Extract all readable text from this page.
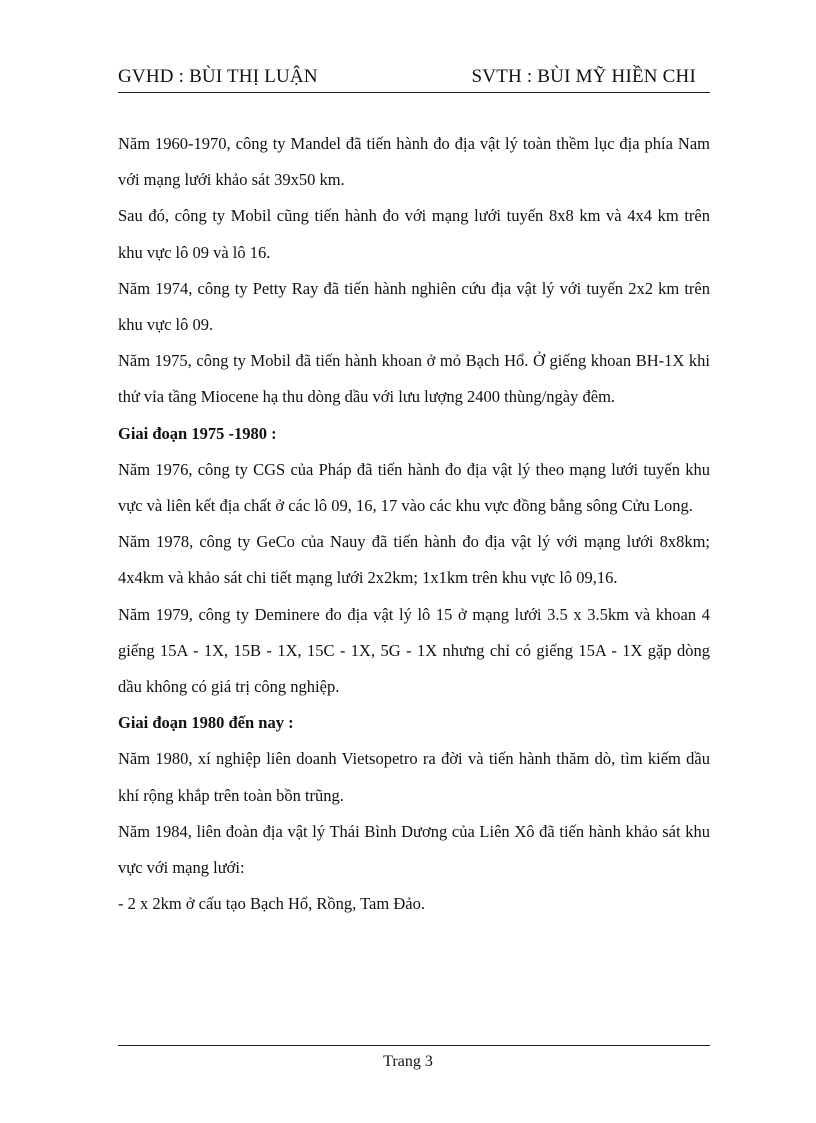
GVHD : BÙI THỊ LUẬN	SVTH : BÙI MỸ HIỀN CHI

Năm 1960-1970, công ty Mandel đã tiến hành đo địa vật lý toàn thềm lục địa phía Nam với mạng lưới khảo sát 39x50 km.

Sau đó, công ty Mobil cũng tiến hành đo với mạng lưới tuyến 8x8 km và 4x4 km trên khu vực lô 09 và lô 16.

Năm 1974, công ty Petty Ray đã tiến hành nghiên cứu địa vật lý với tuyến 2x2 km trên khu vực lô 09.

Năm 1975, công ty Mobil đã tiến hành khoan ở mỏ Bạch Hổ. Ở giếng khoan BH-1X khi thử vỉa tầng Miocene hạ thu dòng dầu với lưu lượng 2400 thùng/ngày đêm.

Giai đoạn 1975 -1980 :

Năm 1976, công ty CGS của Pháp đã tiến hành đo địa vật lý theo mạng lưới tuyến khu vực và liên kết địa chất ở các lô 09, 16, 17 vào các khu vực đồng bằng sông Cửu Long.

Năm 1978, công ty GeCo của Nauy đã tiến hành đo địa vật lý với mạng lưới 8x8km; 4x4km và khảo sát chi tiết mạng lưới 2x2km; 1x1km trên khu vực lô 09,16.

Năm 1979, công ty Deminere đo địa vật lý lô 15 ở mạng lưới 3.5 x 3.5km và khoan 4 giếng 15A - 1X, 15B - 1X, 15C - 1X, 5G - 1X nhưng chỉ có giếng 15A - 1X gặp dòng dầu không có giá trị công nghiệp.

Giai đoạn 1980 đến nay :

Năm 1980, xí nghiệp liên doanh Vietsopetro ra đời và tiến hành thăm dò, tìm kiếm dầu khí rộng khắp trên toàn bồn trũng.

Năm 1984, liên đoàn địa vật lý Thái Bình Dương của Liên Xô đã tiến hành khảo sát khu vực với mạng lưới:

- 2 x 2km ở cấu tạo Bạch Hổ, Rồng, Tam Đảo.

Trang 3
